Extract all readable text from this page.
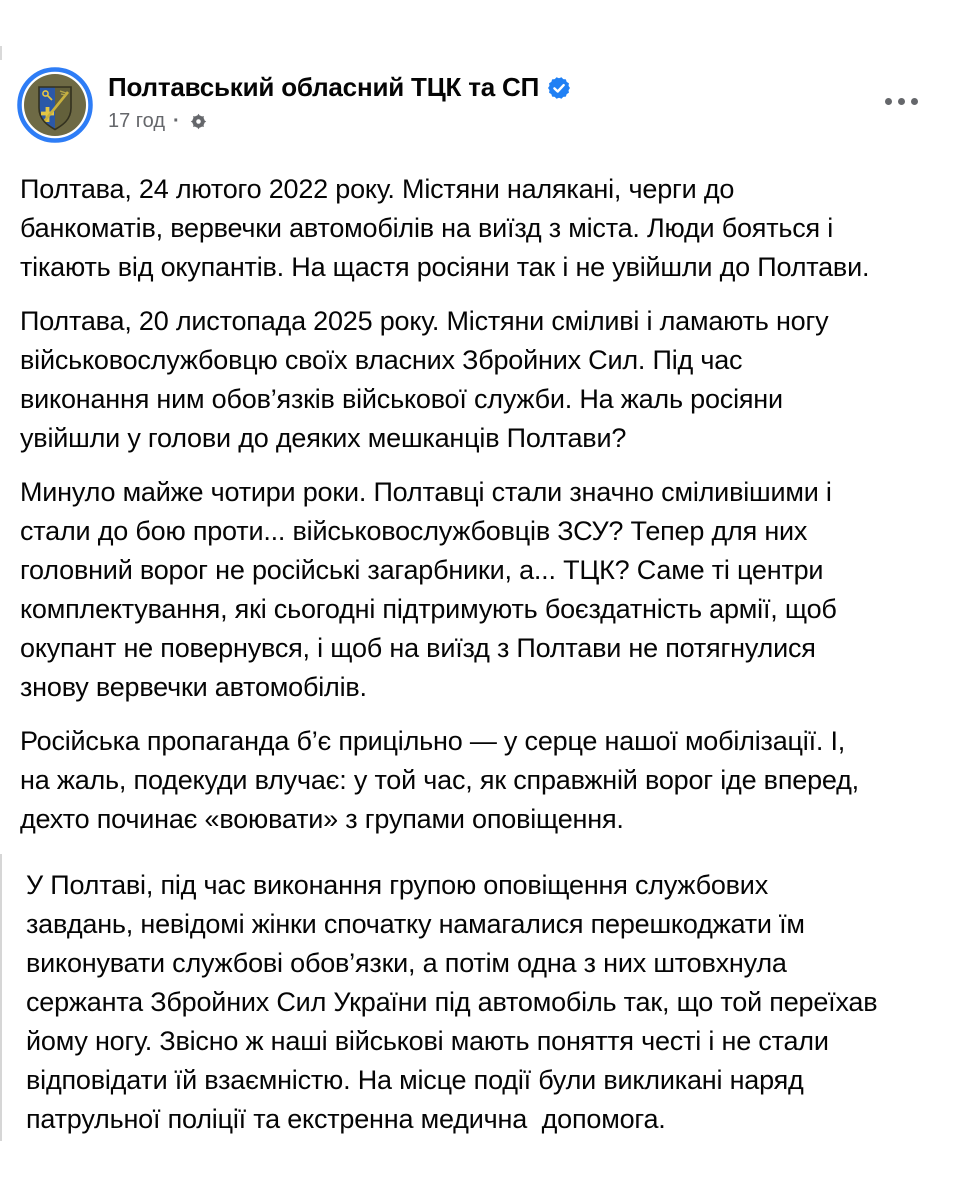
Полтавський обласний ТЦК та СП
17 год ·
Полтава, 24 лютого 2022 року. Містяни налякані, черги до
банкоматів, вервечки автомобілів на виїзд з міста. Люди бояться і
тікають від окупантів. На щастя росіяни так і не увійшли до Полтави.
Полтава, 20 листопада 2025 року. Містяни сміливі і ламають ногу
військовослужбовцю своїх власних Збройних Сил. Під час
виконання ним обов’язків військової служби. На жаль росіяни
увійшли у голови до деяких мешканців Полтави?
Минуло майже чотири роки. Полтавці стали значно сміливішими і
стали до бою проти... військовослужбовців ЗСУ? Тепер для них
головний ворог не російські загарбники, а... ТЦК? Саме ті центри
комплектування, які сьогодні підтримують боєздатність армії, щоб
окупант не повернувся, і щоб на виїзд з Полтави не потягнулися
знову вервечки автомобілів.
Російська пропаганда б’є прицільно — у серце нашої мобілізації. І,
на жаль, подекуди влучає: у той час, як справжній ворог іде вперед,
дехто починає «воювати» з групами оповіщення.
У Полтаві, під час виконання групою оповіщення службових
завдань, невідомі жінки спочатку намагалися перешкоджати їм
виконувати службові обов’язки, а потім одна з них штовхнула
сержанта Збройних Сил України під автомобіль так, що той переїхав
йому ногу. Звісно ж наші військові мають поняття честі і не стали
відповідати їй взаємністю. На місце події були викликані наряд
патрульної поліції та екстренна медична  допомога.
